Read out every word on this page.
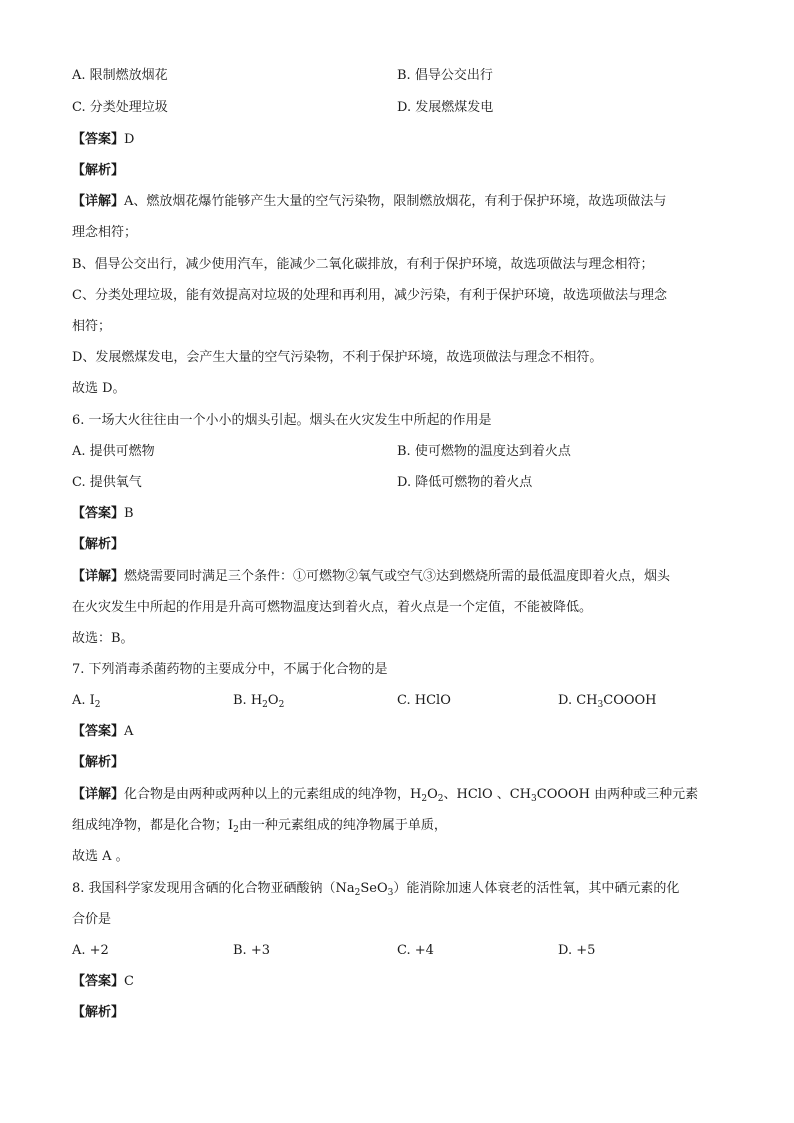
A. 限制燃放烟花	B. 倡导公交出行
C. 分类处理垃圾	D. 发展燃煤发电
【答案】D
【解析】
【详解】A、燃放烟花爆竹能够产生大量的空气污染物，限制燃放烟花，有利于保护环境，故选项做法与
理念相符；
B、倡导公交出行，减少使用汽车，能减少二氧化碳排放，有利于保护环境，故选项做法与理念相符；
C、分类处理垃圾，能有效提高对垃圾的处理和再利用，减少污染，有利于保护环境，故选项做法与理念
相符；
D、发展燃煤发电，会产生大量的空气污染物，不利于保护环境，故选项做法与理念不相符。
故选 D。
6. 一场大火往往由一个小小的烟头引起。烟头在火灾发生中所起的作用是
A. 提供可燃物	B. 使可燃物的温度达到着火点
C. 提供氧气	D. 降低可燃物的着火点
【答案】B
【解析】
【详解】燃烧需要同时满足三个条件：①可燃物②氧气或空气③达到燃烧所需的最低温度即着火点，烟头
在火灾发生中所起的作用是升高可燃物温度达到着火点，着火点是一个定值，不能被降低。
故选：B。
7. 下列消毒杀菌药物的主要成分中，不属于化合物的是
A. $I_2$	B. $H_2O_2$	C. HClO	D. $CH_3COOOH$
【答案】A
【解析】
【详解】化合物是由两种或两种以上的元素组成的纯净物，$H_2O_2$、HClO 、$CH_3COOOH$ 由两种或三种元素
组成纯净物，都是化合物；$I_2$由一种元素组成的纯净物属于单质，
故选 A 。
8. 我国科学家发现用含硒的化合物亚硒酸钠$(Na_2SeO_3)$能消除加速人体衰老的活性氧，其中硒元素的化
合价是
A. +2	B. +3	C. +4	D. +5
【答案】C
【解析】
